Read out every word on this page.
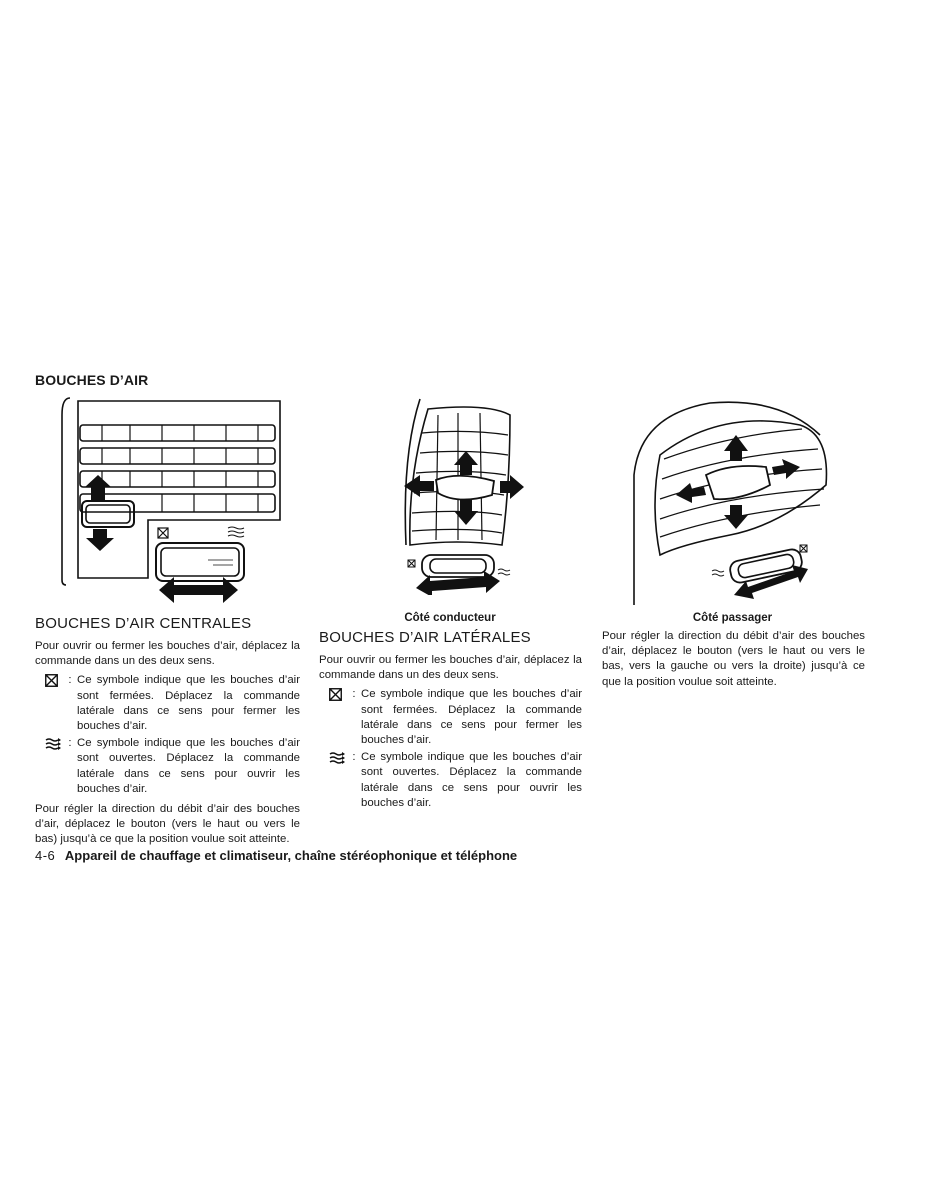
BOUCHES D’AIR
Côté conducteur	Côté passager
BOUCHES D’AIR CENTRALES
Pour ouvrir ou fermer les bouches d’air, déplacez la commande dans un des deux sens.
: Ce symbole indique que les bouches d’air sont fermées. Déplacez la commande latérale dans ce sens pour fermer les bouches d’air.
: Ce symbole indique que les bouches d’air sont ouvertes. Déplacez la commande latérale dans ce sens pour ouvrir les bouches d’air.
Pour régler la direction du débit d’air des bouches d’air, déplacez le bouton (vers le haut ou vers le bas) jusqu’à ce que la position voulue soit atteinte.
BOUCHES D’AIR LATÉRALES
Pour ouvrir ou fermer les bouches d’air, déplacez la commande dans un des deux sens.
: Ce symbole indique que les bouches d’air sont fermées. Déplacez la commande latérale dans ce sens pour fermer les bouches d’air.
: Ce symbole indique que les bouches d’air sont ouvertes. Déplacez la commande latérale dans ce sens pour ouvrir les bouches d’air.
Pour régler la direction du débit d’air des bouches d’air, déplacez le bouton (vers le haut ou vers le bas, vers la gauche ou vers la droite) jusqu’à ce que la position voulue soit atteinte.
4-6 Appareil de chauffage et climatiseur, chaîne stéréophonique et téléphone
